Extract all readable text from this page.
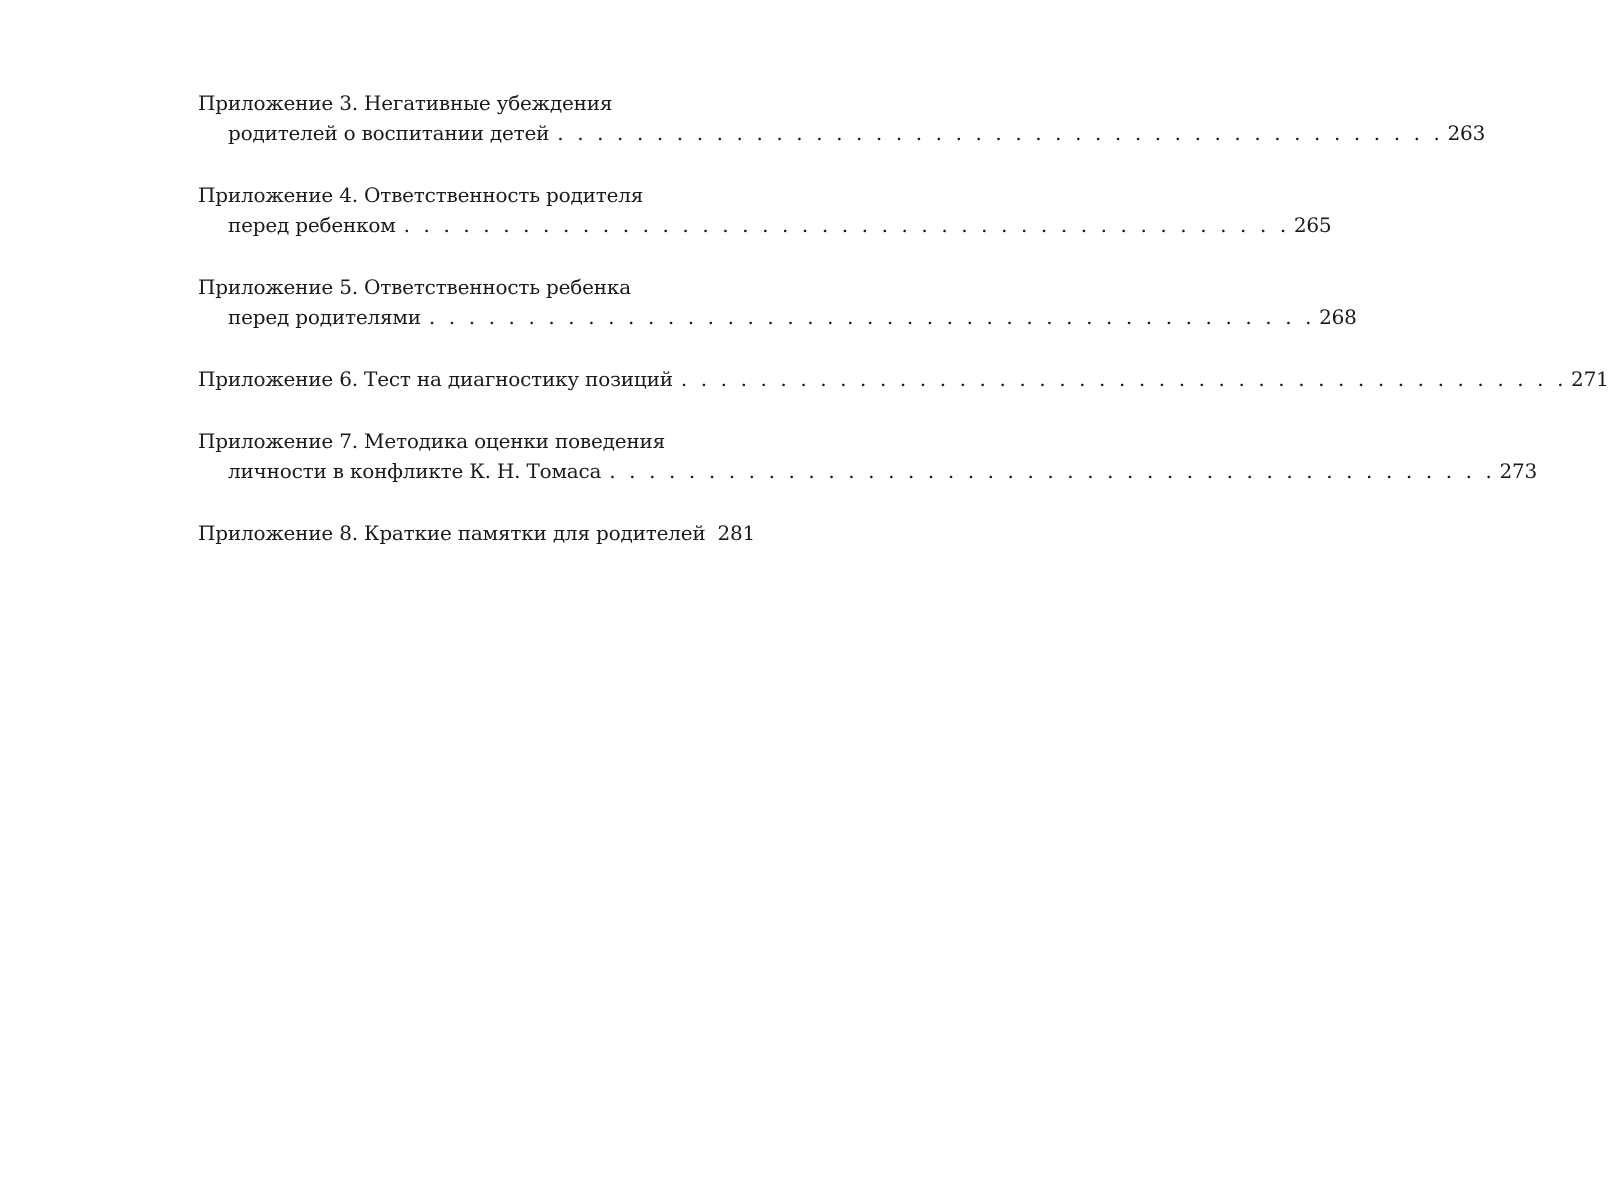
Приложение 3. Негативные убеждения
родителей о воспитании детей . . . . . . . . . . . . . . . . . . . . . . . . . . . . . . . . . . . . . . . . . . . . . 263
Приложение 4. Ответственность родителя
перед ребенком . . . . . . . . . . . . . . . . . . . . . . . . . . . . . . . . . . . . . . . . . . . . . 265
Приложение 5. Ответственность ребенка
перед родителями . . . . . . . . . . . . . . . . . . . . . . . . . . . . . . . . . . . . . . . . . . . . . 268
Приложение 6. Тест на диагностику позиций . . . . . . . . . . . . . . . . . . . . . . . . . . . . . . . . . . . . . . . . . . . . . 271
Приложение 7. Методика оценки поведения
личности в конфликте К. Н. Томаса . . . . . . . . . . . . . . . . . . . . . . . . . . . . . . . . . . . . . . . . . . . . . 273
Приложение 8. Краткие памятки для родителей 281
